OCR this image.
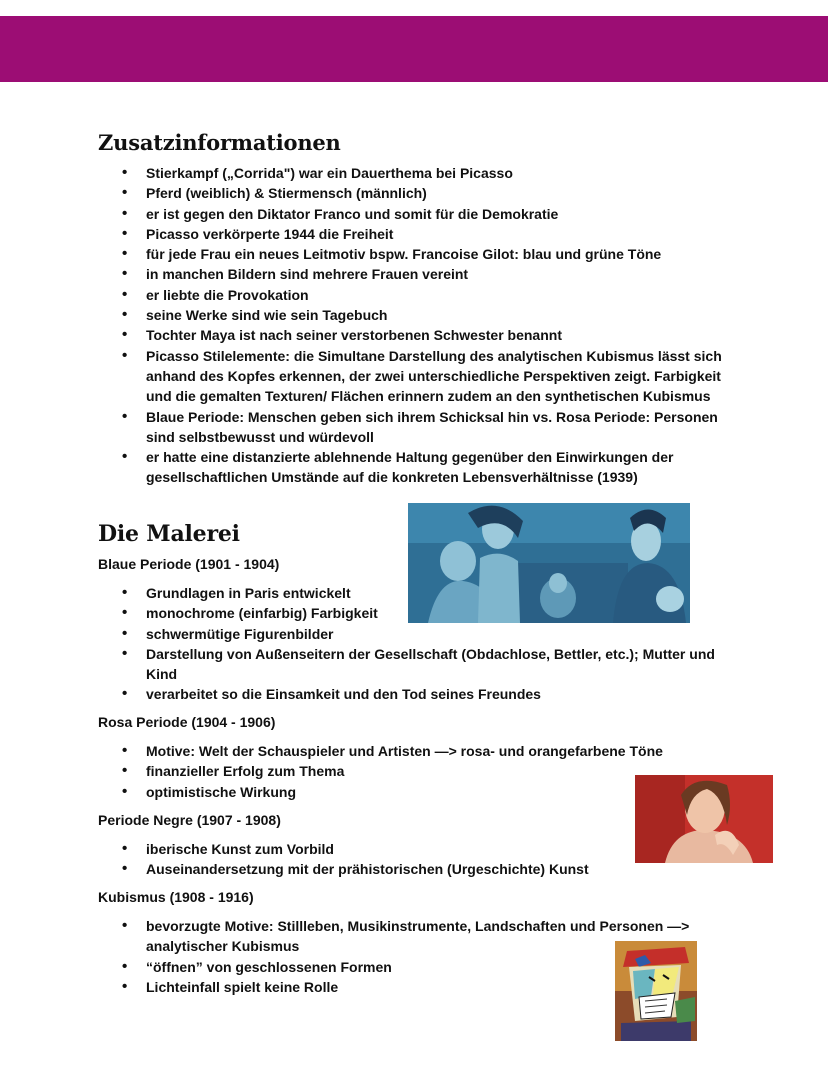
Zusatzinformationen
• Stierkampf („Corrida") war ein Dauerthema bei Picasso
• Pferd (weiblich) & Stiermensch (männlich)
• er ist gegen den Diktator Franco und somit für die Demokratie
• Picasso verkörperte 1944 die Freiheit
• für jede Frau ein neues Leitmotiv bspw. Francoise Gilot: blau und grüne Töne
• in manchen Bildern sind mehrere Frauen vereint
• er liebte die Provokation
• seine Werke sind wie sein Tagebuch
• Tochter Maya ist nach seiner verstorbenen Schwester benannt
• Picasso Stilelemente: die Simultane Darstellung des analytischen Kubismus lässt sich anhand des Kopfes erkennen, der zwei unterschiedliche Perspektiven zeigt. Farbigkeit und die gemalten Texturen/ Flächen erinnern zudem an den synthetischen Kubismus
• Blaue Periode: Menschen geben sich ihrem Schicksal hin vs. Rosa Periode: Personen sind selbstbewusst und würdevoll
• er hatte eine distanzierte ablehnende Haltung gegenüber den Einwirkungen der gesellschaftlichen Umstände auf die konkreten Lebensverhältnisse (1939)
Die Malerei

Blaue Periode (1901 - 1904)

• Grundlagen in Paris entwickelt
• monochrome (einfarbig) Farbigkeit
• schwermütige Figurenbilder
• Darstellung von Außenseitern der Gesellschaft (Obdachlose, Bettler, etc.); Mutter und Kind
• verarbeitet so die Einsamkeit und den Tod seines Freundes

Rosa Periode (1904 - 1906)

• Motive: Welt der Schauspieler und Artisten —> rosa- und orangefarbene Töne
• finanzieller Erfolg zum Thema
• optimistische Wirkung

Periode Negre (1907 - 1908)

• iberische Kunst zum Vorbild
• Auseinandersetzung mit der prähistorischen (Urgeschichte) Kunst

Kubismus (1908 - 1916)

• bevorzugte Motive: Stillleben, Musikinstrumente, Landschaften und Personen —> analytischer Kubismus
• “öffnen” von geschlossenen Formen
• Lichteinfall spielt keine Rolle
